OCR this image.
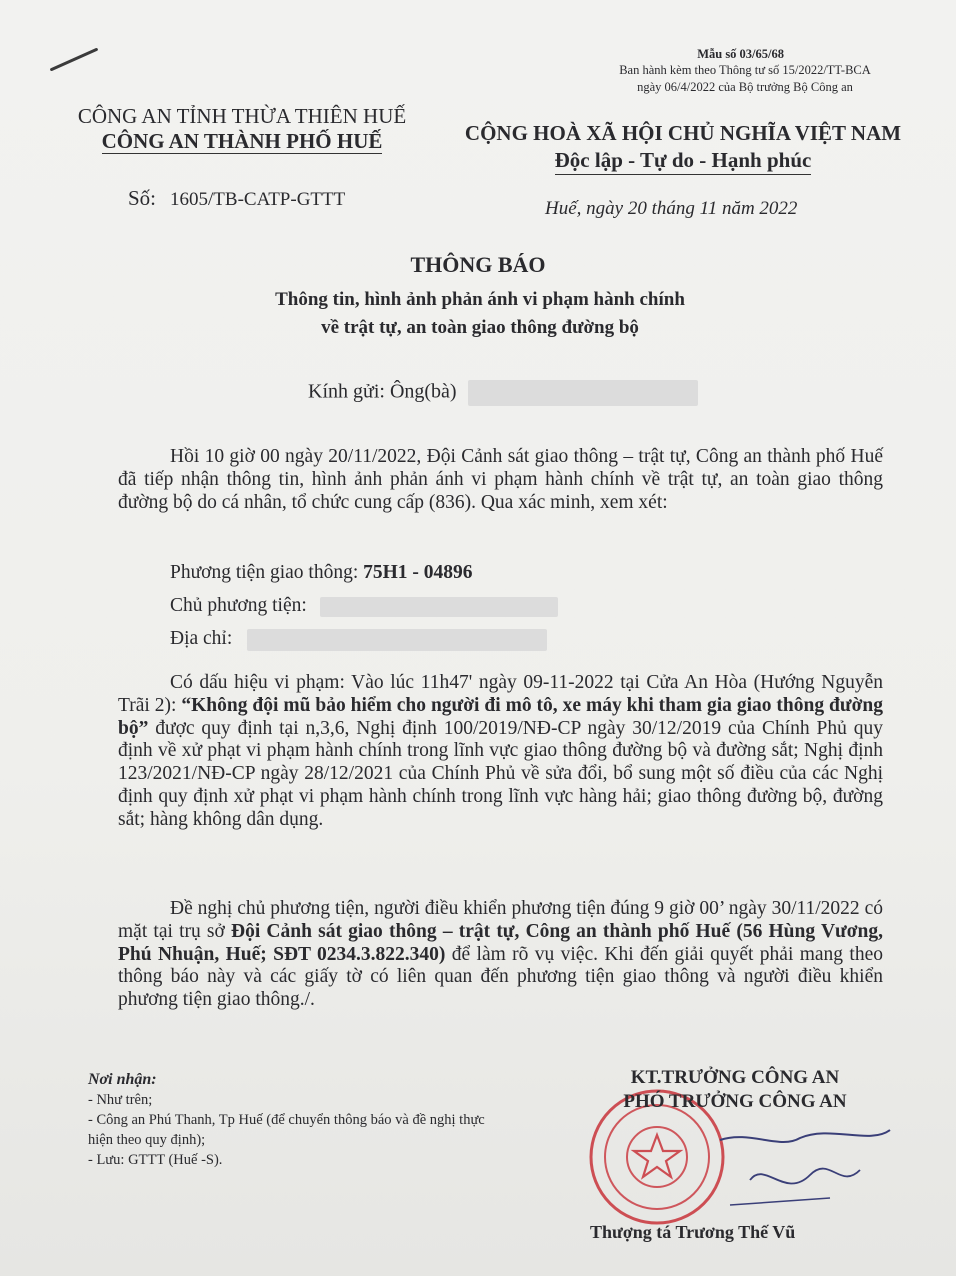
Mẫu số 03/65/68
Ban hành kèm theo Thông tư số 15/2022/TT-BCA
ngày 06/4/2022 của Bộ trưởng Bộ Công an
CÔNG AN TỈNH THỪA THIÊN HUẾ
CÔNG AN THÀNH PHỐ HUẾ	CỘNG HOÀ XÃ HỘI CHỦ NGHĨA VIỆT NAM
Độc lập - Tự do - Hạnh phúc
Số: 1605/TB-CATP-GTTT	Huế, ngày 20 tháng 11 năm 2022
THÔNG BÁO
Thông tin, hình ảnh phản ánh vi phạm hành chính
về trật tự, an toàn giao thông đường bộ
Kính gửi: Ông(bà)
Hồi 10 giờ 00 ngày 20/11/2022, Đội Cảnh sát giao thông – trật tự, Công an thành phố Huế đã tiếp nhận thông tin, hình ảnh phản ánh vi phạm hành chính về trật tự, an toàn giao thông đường bộ do cá nhân, tổ chức cung cấp (836). Qua xác minh, xem xét:
Phương tiện giao thông: 75H1 - 04896
Chủ phương tiện:
Địa chỉ:
Có dấu hiệu vi phạm: Vào lúc 11h47' ngày 09-11-2022 tại Cửa An Hòa (Hướng Nguyễn Trãi 2): “Không đội mũ bảo hiểm cho người đi mô tô, xe máy khi tham gia giao thông đường bộ” được quy định tại n,3,6, Nghị định 100/2019/NĐ-CP ngày 30/12/2019 của Chính Phủ quy định về xử phạt vi phạm hành chính trong lĩnh vực giao thông đường bộ và đường sắt; Nghị định 123/2021/NĐ-CP ngày 28/12/2021 của Chính Phủ về sửa đổi, bổ sung một số điều của các Nghị định quy định xử phạt vi phạm hành chính trong lĩnh vực hàng hải; giao thông đường bộ, đường sắt; hàng không dân dụng.
Đề nghị chủ phương tiện, người điều khiển phương tiện đúng 9 giờ 00’ ngày 30/11/2022 có mặt tại trụ sở Đội Cảnh sát giao thông – trật tự, Công an thành phố Huế (56 Hùng Vương, Phú Nhuận, Huế; SĐT 0234.3.822.340) để làm rõ vụ việc. Khi đến giải quyết phải mang theo thông báo này và các giấy tờ có liên quan đến phương tiện giao thông và người điều khiển phương tiện giao thông./.
Nơi nhận:
- Như trên;
- Công an Phú Thanh, Tp Huế (để chuyển thông báo và đề nghị thực hiện theo quy định);
- Lưu: GTTT (Huế -S).
KT.TRƯỞNG CÔNG AN
PHÓ TRƯỞNG CÔNG AN
Thượng tá Trương Thế Vũ
